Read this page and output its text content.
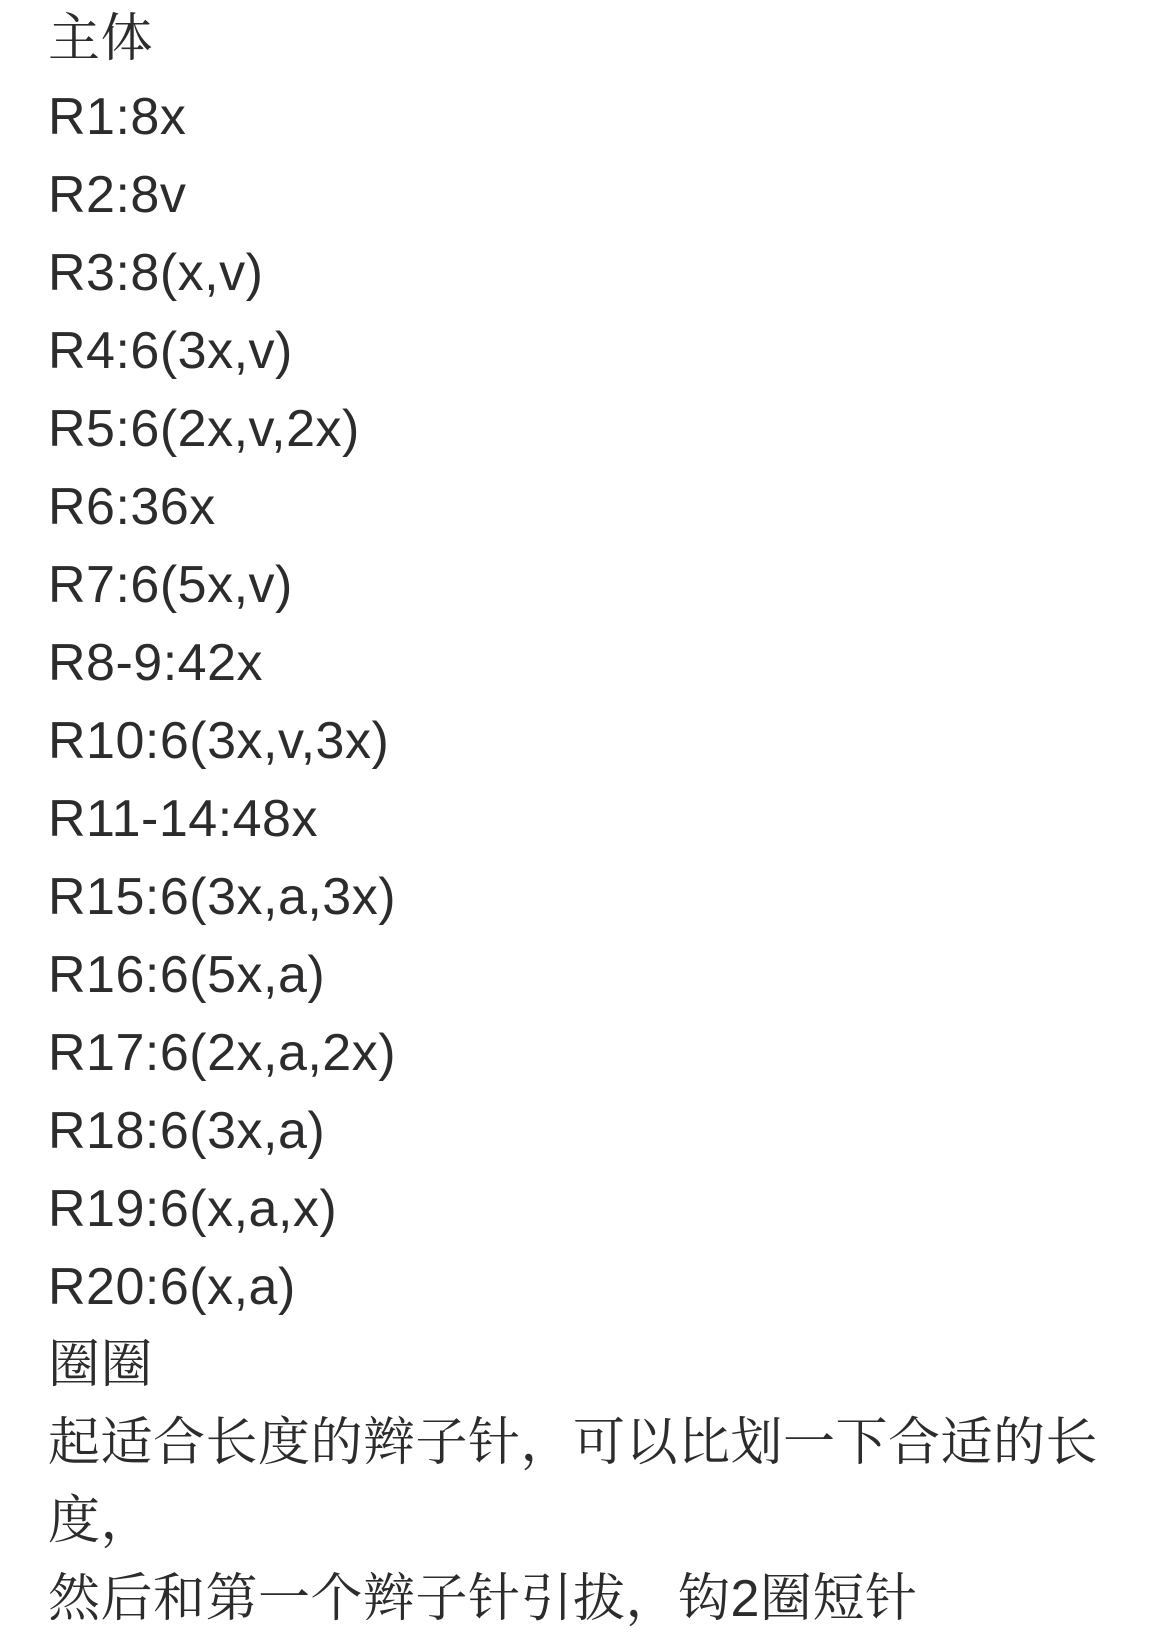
主体
R1:8x
R2:8v
R3:8(x,v)
R4:6(3x,v)
R5:6(2x,v,2x)
R6:36x
R7:6(5x,v)
R8-9:42x
R10:6(3x,v,3x)
R11-14:48x
R15:6(3x,a,3x)
R16:6(5x,a)
R17:6(2x,a,2x)
R18:6(3x,a)
R19:6(x,a,x)
R20:6(x,a)
圈圈
起适合长度的辫子针，可以比划一下合适的长
度，
然后和第一个辫子针引拔，钩2圈短针
